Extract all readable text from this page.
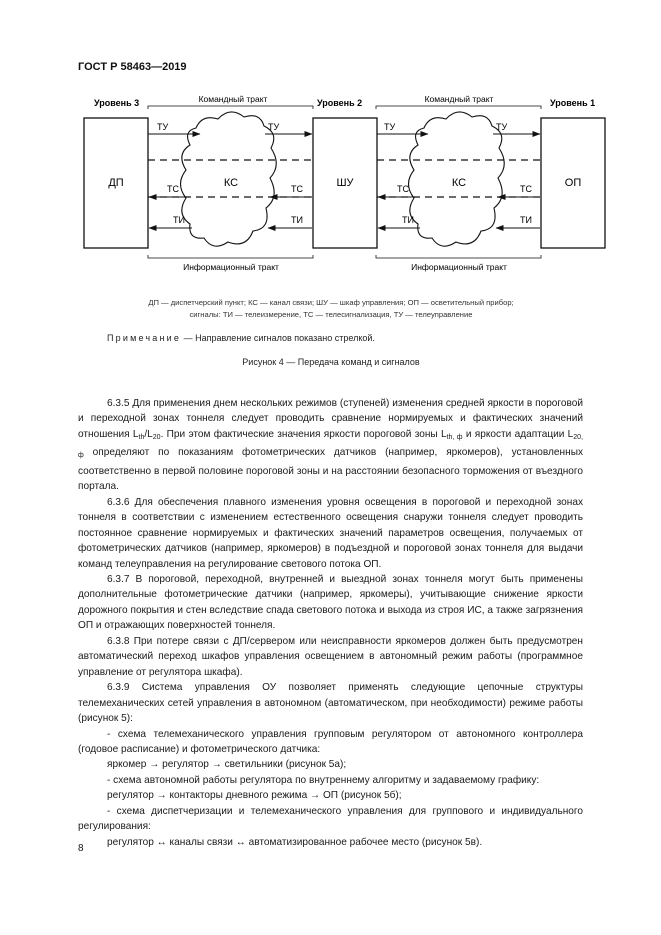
ГОСТ Р 58463—2019
Уровень 3	Уровень 2	Уровень 1
Командный тракт	Командный тракт
ДП	ШУ	ОП
КС	КС
ТУ	ТУ
ТС	ТС
ТИ	ТИ
ТУ	ТУ
ТС	ТС
ТИ	ТИ
Информационный тракт	Информационный тракт
ДП — диспетчерский пункт; КС — канал связи; ШУ — шкаф управления; ОП — осветительный прибор;
сигналы: ТИ — телеизмерение, ТС — телесигнализация, ТУ — телеуправление
Примечание — Направление сигналов показано стрелкой.
Рисунок 4 — Передача команд и сигналов

6.3.5 Для применения днем нескольких режимов (ступеней) изменения средней яркости в пороговой и переходной зонах тоннеля следует проводить сравнение нормируемых и фактических значений отношения $L_{th}/L_{20}$. При этом фактические значения яркости пороговой зоны $L_{th, ф}$ и яркости адаптации $L_{20, ф}$ определяют по показаниям фотометрических датчиков (например, яркомеров), установленных соответственно в первой половине пороговой зоны и на расстоянии безопасного торможения от въездного портала.

6.3.6 Для обеспечения плавного изменения уровня освещения в пороговой и переходной зонах тоннеля в соответствии с изменением естественного освещения снаружи тоннеля следует проводить постоянное сравнение нормируемых и фактических значений параметров освещения, получаемых от фотометрических датчиков (например, яркомеров) в подъездной и пороговой зонах тоннеля для выдачи команд телеуправления на регулирование светового потока ОП.

6.3.7 В пороговой, переходной, внутренней и выездной зонах тоннеля могут быть применены дополнительные фотометрические датчики (например, яркомеры), учитывающие снижение яркости дорожного покрытия и стен вследствие спада светового потока и выхода из строя ИС, а также загрязнения ОП и отражающих поверхностей тоннеля.

6.3.8 При потере связи с ДП/сервером или неисправности яркомеров должен быть предусмотрен автоматический переход шкафов управления освещением в автономный режим работы (программное управление от регулятора шкафа).

6.3.9 Система управления ОУ позволяет применять следующие цепочные структуры телемеханических сетей управления в автономном (автоматическом, при необходимости) режиме работы (рисунок 5):

- схема телемеханического управления групповым регулятором от автономного контроллера (годовое расписание) и фотометрического датчика:

яркомер → регулятор → светильники (рисунок 5а);

- схема автономной работы регулятора по внутреннему алгоритму и задаваемому графику:

регулятор → контакторы дневного режима → ОП (рисунок 5б);

- схема диспетчеризации и телемеханического управления для группового и индивидуального регулирования:

регулятор ↔ каналы связи ↔ автоматизированное рабочее место (рисунок 5в).

8
